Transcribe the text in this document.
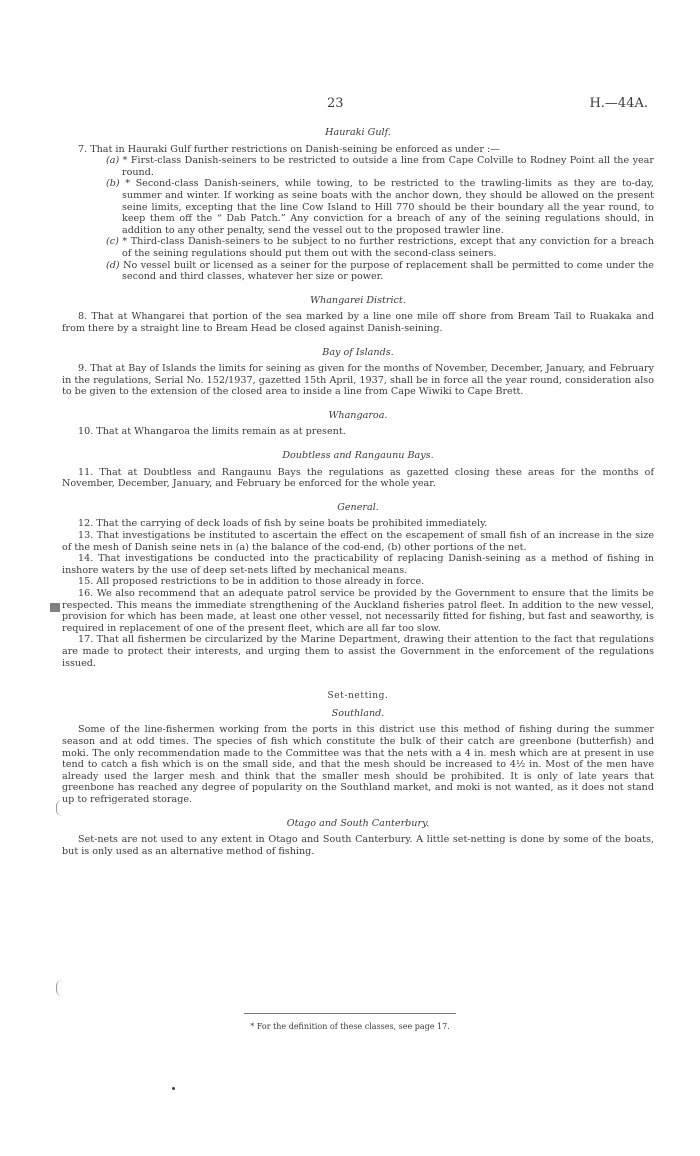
23	H.—44A.
Hauraki Gulf.

7. That in Hauraki Gulf further restrictions on Danish-seining be enforced as under :—

(a) * First-class Danish-seiners to be restricted to outside a line from Cape Colville to Rodney Point all the year round.

(b) * Second-class Danish-seiners, while towing, to be restricted to the trawling-limits as they are to-day, summer and winter. If working as seine boats with the anchor down, they should be allowed on the present seine limits, excepting that the line Cow Island to Hill 770 should be their boundary all the year round, to keep them off the “ Dab Patch.” Any conviction for a breach of any of the seining regulations should, in addition to any other penalty, send the vessel out to the proposed trawler line.

(c) * Third-class Danish-seiners to be subject to no further restrictions, except that any conviction for a breach of the seining regulations should put them out with the second-class seiners.

(d) No vessel built or licensed as a seiner for the purpose of replacement shall be permitted to come under the second and third classes, whatever her size or power.

Whangarei District.

8. That at Whangarei that portion of the sea marked by a line one mile off shore from Bream Tail to Ruakaka and from there by a straight line to Bream Head be closed against Danish-seining.

Bay of Islands.

9. That at Bay of Islands the limits for seining as given for the months of November, December, January, and February in the regulations, Serial No. 152/1937, gazetted 15th April, 1937, shall be in force all the year round, consideration also to be given to the extension of the closed area to inside a line from Cape Wiwiki to Cape Brett.

Whangaroa.

10. That at Whangaroa the limits remain as at present.

Doubtless and Rangaunu Bays.

11. That at Doubtless and Rangaunu Bays the regulations as gazetted closing these areas for the months of November, December, January, and February be enforced for the whole year.

General.

12. That the carrying of deck loads of fish by seine boats be prohibited immediately.

13. That investigations be instituted to ascertain the effect on the escapement of small fish of an increase in the size of the mesh of Danish seine nets in (a) the balance of the cod-end, (b) other portions of the net.

14. That investigations be conducted into the practicability of replacing Danish-seining as a method of fishing in inshore waters by the use of deep set-nets lifted by mechanical means.

15. All proposed restrictions to be in addition to those already in force.

16. We also recommend that an adequate patrol service be provided by the Government to ensure that the limits be respected. This means the immediate strengthening of the Auckland fisheries patrol fleet. In addition to the new vessel, provision for which has been made, at least one other vessel, not necessarily fitted for fishing, but fast and seaworthy, is required in replacement of one of the present fleet, which are all far too slow.

17. That all fishermen be circularized by the Marine Department, drawing their attention to the fact that regulations are made to protect their interests, and urging them to assist the Government in the enforcement of the regulations issued.

Set-netting.
Southland.

Some of the line-fishermen working from the ports in this district use this method of fishing during the summer season and at odd times. The species of fish which constitute the bulk of their catch are greenbone (butterfish) and moki. The only recommendation made to the Committee was that the nets with a 4 in. mesh which are at present in use tend to catch a fish which is on the small side, and that the mesh should be increased to 4½ in. Most of the men have already used the larger mesh and think that the smaller mesh should be prohibited. It is only of late years that greenbone has reached any degree of popularity on the Southland market, and moki is not wanted, as it does not stand up to refrigerated storage.

Otago and South Canterbury.

Set-nets are not used to any extent in Otago and South Canterbury. A little set-netting is done by some of the boats, but is only used as an alternative method of fishing.

* For the definition of these classes, see page 17.
